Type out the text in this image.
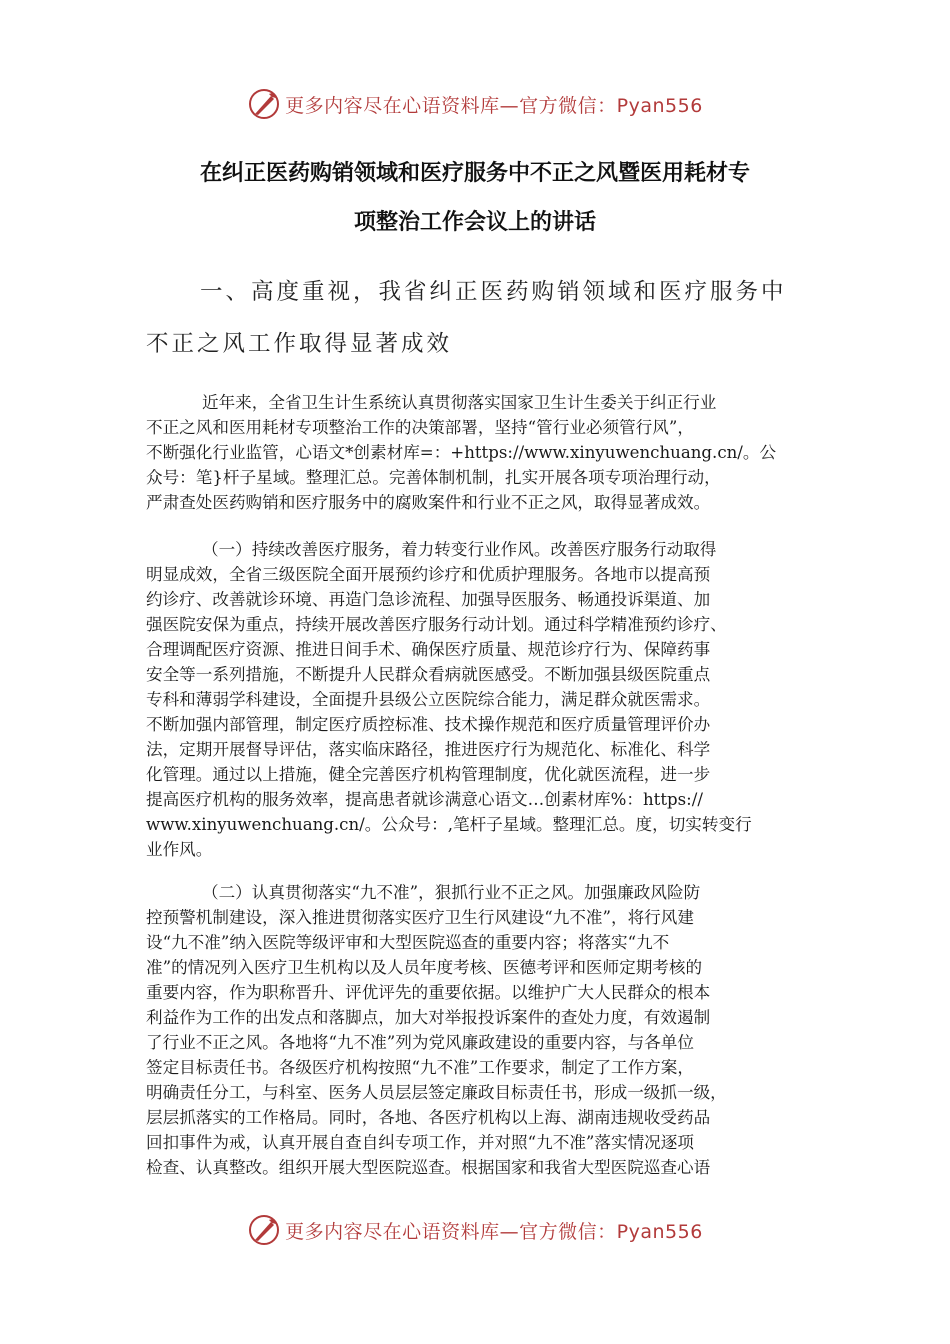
更多内容尽在心语资料库—官方微信：Pyan556
在纠正医药购销领域和医疗服务中不正之风暨医用耗材专
项整治工作会议上的讲话
一、高度重视，我省纠正医药购销领域和医疗服务中
不正之风工作取得显著成效
近年来，全省卫生计生系统认真贯彻落实国家卫生计生委关于纠正行业
不正之风和医用耗材专项整治工作的决策部署，坚持“管行业必须管行风”，
不断强化行业监管，心语文*创素材库=：+https://www.xinyuwenchuang.cn/。公
众号：笔}杆子星域。整理汇总。完善体制机制，扎实开展各项专项治理行动，
严肃查处医药购销和医疗服务中的腐败案件和行业不正之风，取得显著成效。
（一）持续改善医疗服务，着力转变行业作风。改善医疗服务行动取得
明显成效，全省三级医院全面开展预约诊疗和优质护理服务。各地市以提高预
约诊疗、改善就诊环境、再造门急诊流程、加强导医服务、畅通投诉渠道、加
强医院安保为重点，持续开展改善医疗服务行动计划。通过科学精准预约诊疗、
合理调配医疗资源、推进日间手术、确保医疗质量、规范诊疗行为、保障药事
安全等一系列措施，不断提升人民群众看病就医感受。不断加强县级医院重点
专科和薄弱学科建设，全面提升县级公立医院综合能力，满足群众就医需求。
不断加强内部管理，制定医疗质控标准、技术操作规范和医疗质量管理评价办
法，定期开展督导评估，落实临床路径，推进医疗行为规范化、标准化、科学
化管理。通过以上措施，健全完善医疗机构管理制度，优化就医流程，进一步
提高医疗机构的服务效率，提高患者就诊满意心语文…创素材库%：https://
www.xinyuwenchuang.cn/。公众号：,笔杆子星域。整理汇总。度，切实转变行
业作风。
（二）认真贯彻落实“九不准”，狠抓行业不正之风。加强廉政风险防
控预警机制建设，深入推进贯彻落实医疗卫生行风建设“九不准”，将行风建
设“九不准”纳入医院等级评审和大型医院巡查的重要内容；将落实“九不
准”的情况列入医疗卫生机构以及人员年度考核、医德考评和医师定期考核的
重要内容，作为职称晋升、评优评先的重要依据。以维护广大人民群众的根本
利益作为工作的出发点和落脚点，加大对举报投诉案件的查处力度，有效遏制
了行业不正之风。各地将“九不准”列为党风廉政建设的重要内容，与各单位
签定目标责任书。各级医疗机构按照“九不准”工作要求，制定了工作方案，
明确责任分工，与科室、医务人员层层签定廉政目标责任书，形成一级抓一级，
层层抓落实的工作格局。同时，各地、各医疗机构以上海、湖南违规收受药品
回扣事件为戒，认真开展自查自纠专项工作，并对照“九不准”落实情况逐项
检查、认真整改。组织开展大型医院巡查。根据国家和我省大型医院巡查心语
更多内容尽在心语资料库—官方微信：Pyan556
